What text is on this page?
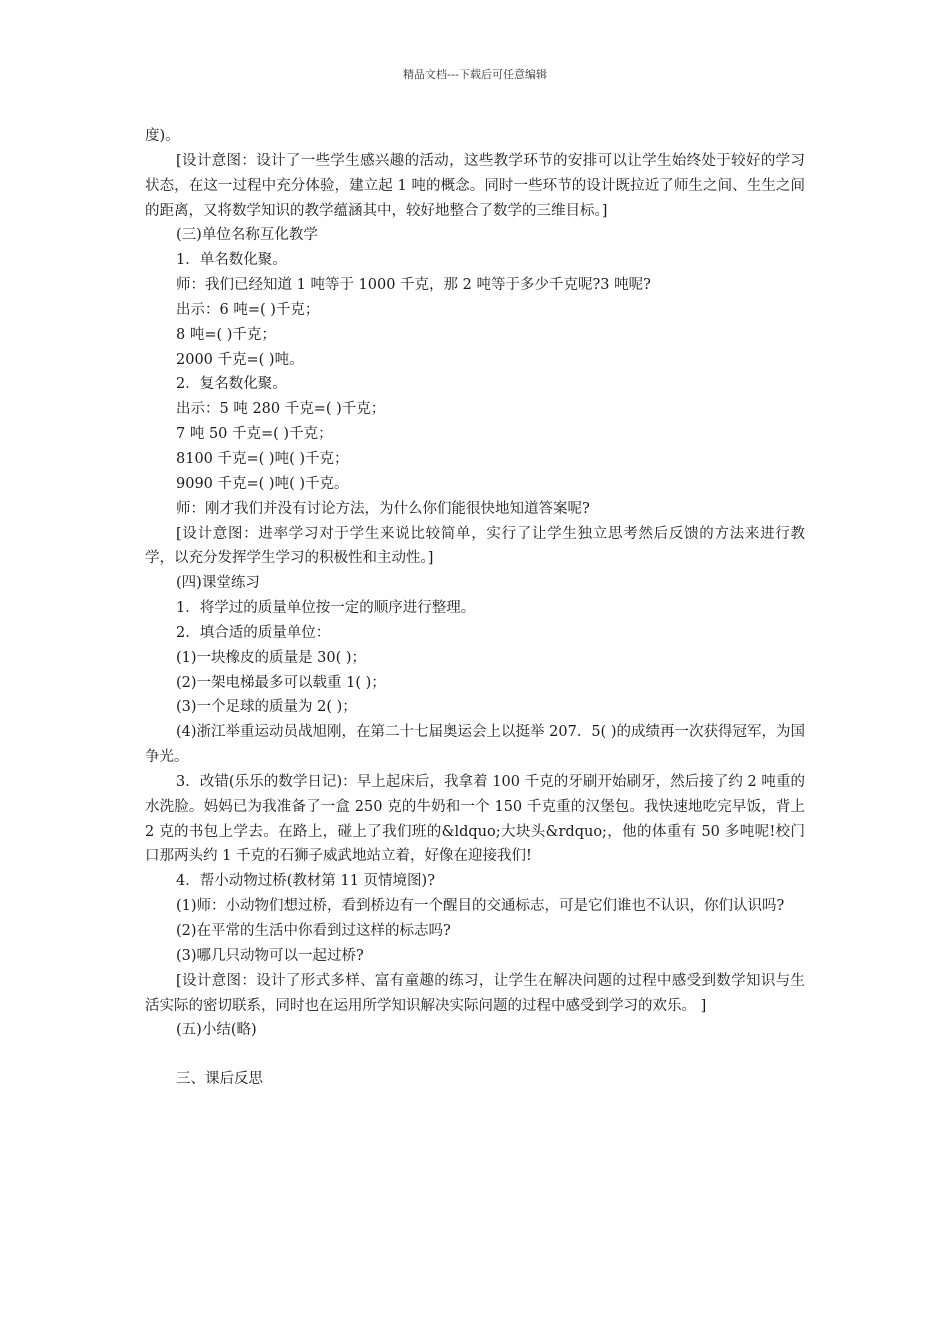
精品文档---下载后可任意编辑

度)。

[设计意图：设计了一些学生感兴趣的活动，这些教学环节的安排可以让学生始终处于较好的学习状态，在这一过程中充分体验，建立起 1 吨的概念。同时一些环节的设计既拉近了师生之间、生生之间的距离，又将数学知识的教学蕴涵其中，较好地整合了数学的三维目标。]

(三)单位名称互化教学

1．单名数化聚。

师：我们已经知道 1 吨等于 1000 千克，那 2 吨等于多少千克呢?3 吨呢?

出示：6 吨=( )千克；

8 吨=( )千克；

2000 千克=( )吨。

2．复名数化聚。

出示：5 吨 280 千克=( )千克；

7 吨 50 千克=( )千克；

8100 千克=( )吨( )千克；

9090 千克=( )吨( )千克。

师：刚才我们并没有讨论方法，为什么你们能很快地知道答案呢?

[设计意图：进率学习对于学生来说比较简单，实行了让学生独立思考然后反馈的方法来进行教学，以充分发挥学生学习的积极性和主动性。]

(四)课堂练习

1．将学过的质量单位按一定的顺序进行整理。

2．填合适的质量单位：

(1)一块橡皮的质量是 30( )；

(2)一架电梯最多可以载重 1( )；

(3)一个足球的质量为 2( )；

(4)浙江举重运动员战旭刚，在第二十七届奥运会上以挺举 207．5( )的成绩再一次获得冠军，为国争光。

3．改错(乐乐的数学日记)：早上起床后，我拿着 100 千克的牙刷开始刷牙，然后接了约 2 吨重的水洗脸。妈妈已为我准备了一盒 250 克的牛奶和一个 150 千克重的汉堡包。我快速地吃完早饭，背上 2 克的书包上学去。在路上，碰上了我们班的&ldquo;大块头&rdquo;，他的体重有 50 多吨呢!校门口那两头约 1 千克的石狮子威武地站立着，好像在迎接我们!

4．帮小动物过桥(教材第 11 页情境图)?

(1)师：小动物们想过桥，看到桥边有一个醒目的交通标志，可是它们谁也不认识，你们认识吗?

(2)在平常的生活中你看到过这样的标志吗?

(3)哪几只动物可以一起过桥?

[设计意图：设计了形式多样、富有童趣的练习，让学生在解决问题的过程中感受到数学知识与生活实际的密切联系，同时也在运用所学知识解决实际问题的过程中感受到学习的欢乐。 ]

(五)小结(略)

三、课后反思
